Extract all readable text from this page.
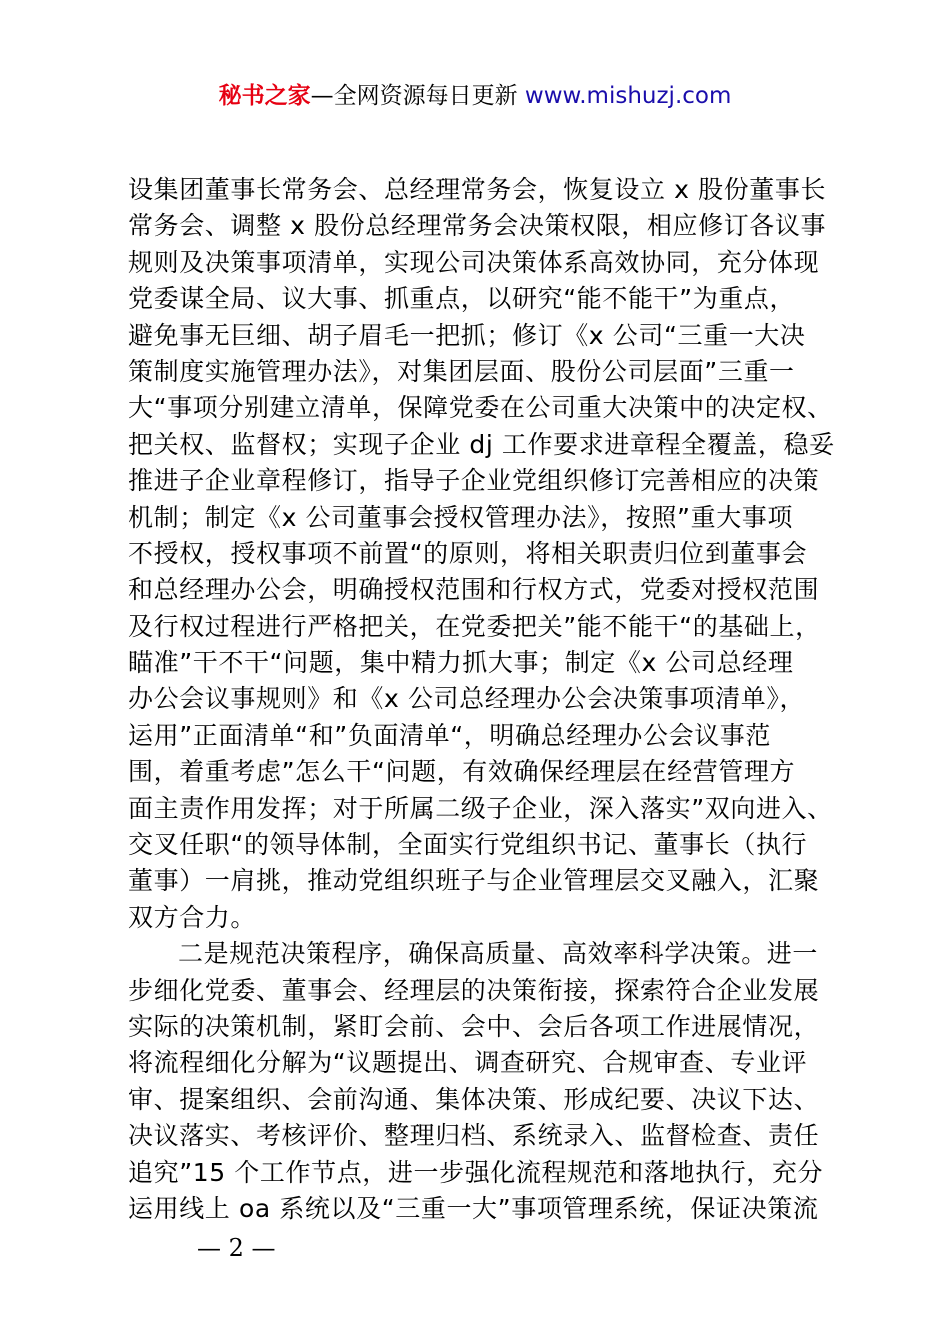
秘书之家—全网资源每日更新 www.mishuzj.com
设集团董事长常务会、总经理常务会，恢复设立 x 股份董事长
常务会、调整 x 股份总经理常务会决策权限，相应修订各议事
规则及决策事项清单，实现公司决策体系高效协同，充分体现
党委谋全局、议大事、抓重点，以研究“能不能干”为重点，
避免事无巨细、胡子眉毛一把抓；修订《x 公司“三重一大决
策制度实施管理办法》，对集团层面、股份公司层面”三重一
大“事项分别建立清单，保障党委在公司重大决策中的决定权、
把关权、监督权；实现子企业 dj 工作要求进章程全覆盖，稳妥
推进子企业章程修订，指导子企业党组织修订完善相应的决策
机制；制定《x 公司董事会授权管理办法》，按照”重大事项
不授权，授权事项不前置“的原则，将相关职责归位到董事会
和总经理办公会，明确授权范围和行权方式，党委对授权范围
及行权过程进行严格把关，在党委把关”能不能干“的基础上，
瞄准”干不干“问题，集中精力抓大事；制定《x 公司总经理
办公会议事规则》和《x 公司总经理办公会决策事项清单》，
运用”正面清单“和”负面清单“，明确总经理办公会议事范
围，着重考虑”怎么干“问题，有效确保经理层在经营管理方
面主责作用发挥；对于所属二级子企业，深入落实”双向进入、
交叉任职“的领导体制，全面实行党组织书记、董事长（执行
董事）一肩挑，推动党组织班子与企业管理层交叉融入，汇聚
双方合力。
二是规范决策程序，确保高质量、高效率科学决策。进一
步细化党委、董事会、经理层的决策衔接，探索符合企业发展
实际的决策机制，紧盯会前、会中、会后各项工作进展情况，
将流程细化分解为“议题提出、调查研究、合规审查、专业评
审、提案组织、会前沟通、集体决策、形成纪要、决议下达、
决议落实、考核评价、整理归档、系统录入、监督检查、责任
追究”15 个工作节点，进一步强化流程规范和落地执行，充分
运用线上 oa 系统以及“三重一大”事项管理系统，保证决策流
— 2 —
